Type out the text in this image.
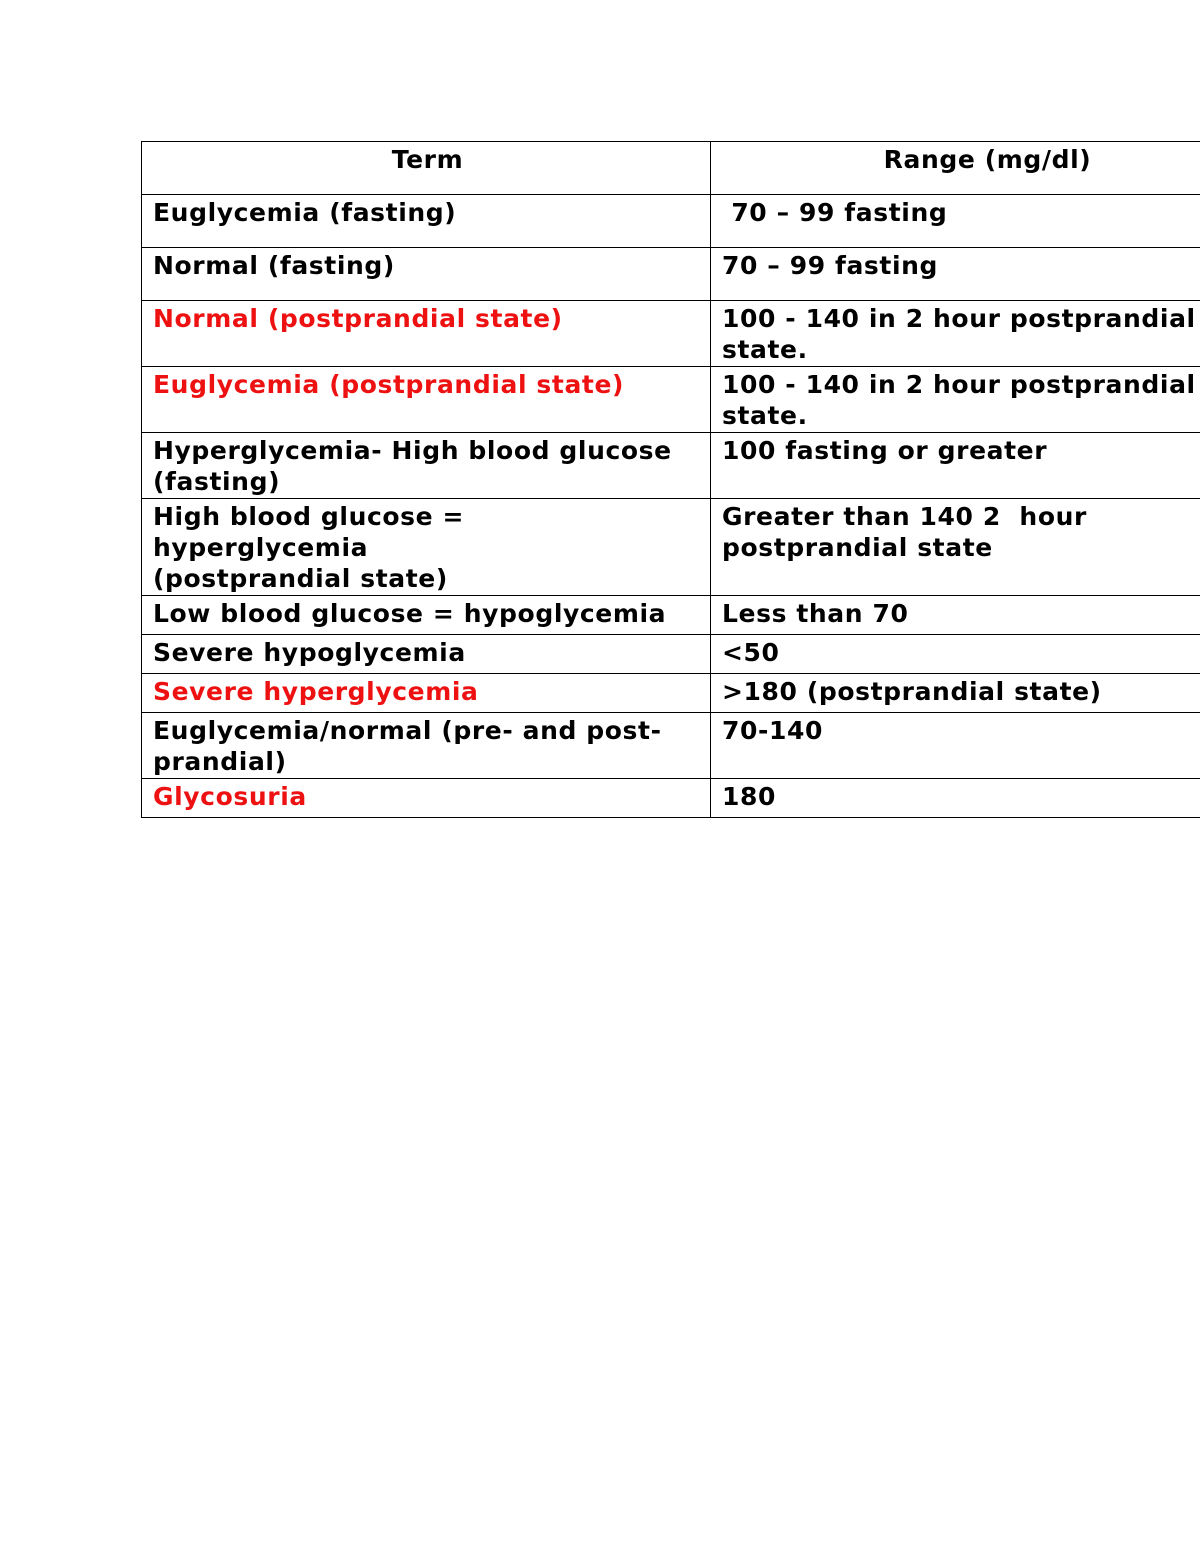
Term	Range (mg/dl)
Euglycemia (fasting)	70 – 99 fasting
Normal (fasting)	70 – 99 fasting
Normal (postprandial state)	100 - 140 in 2 hour postprandial state.
Euglycemia (postprandial state)	100 - 140 in 2 hour postprandial state.
Hyperglycemia- High blood glucose (fasting)	100 fasting or greater
High blood glucose = hyperglycemia (postprandial state)	Greater than 140 2  hour postprandial state
Low blood glucose = hypoglycemia	Less than 70
Severe hypoglycemia	<50
Severe hyperglycemia	>180 (postprandial state)
Euglycemia/normal (pre- and post-prandial)	70-140
Glycosuria	180
